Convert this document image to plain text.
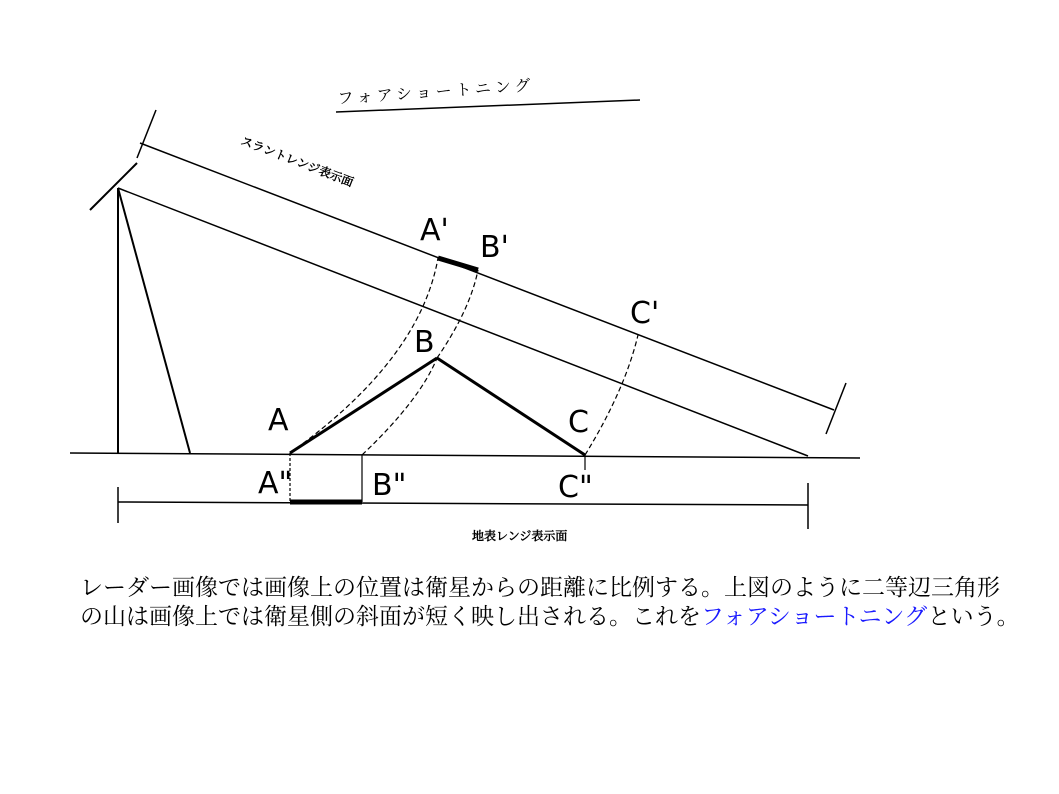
フォアショートニング
スラントレンジ表示面
地表レンジ表示面
A' B'
C'
B
A	C
A"	B"	C"
レーダー画像では画像上の位置は衛星からの距離に比例する。上図のように二等辺三角形の山は画像上では衛星側の斜面が短く映し出される。これをフォアショートニングという。
